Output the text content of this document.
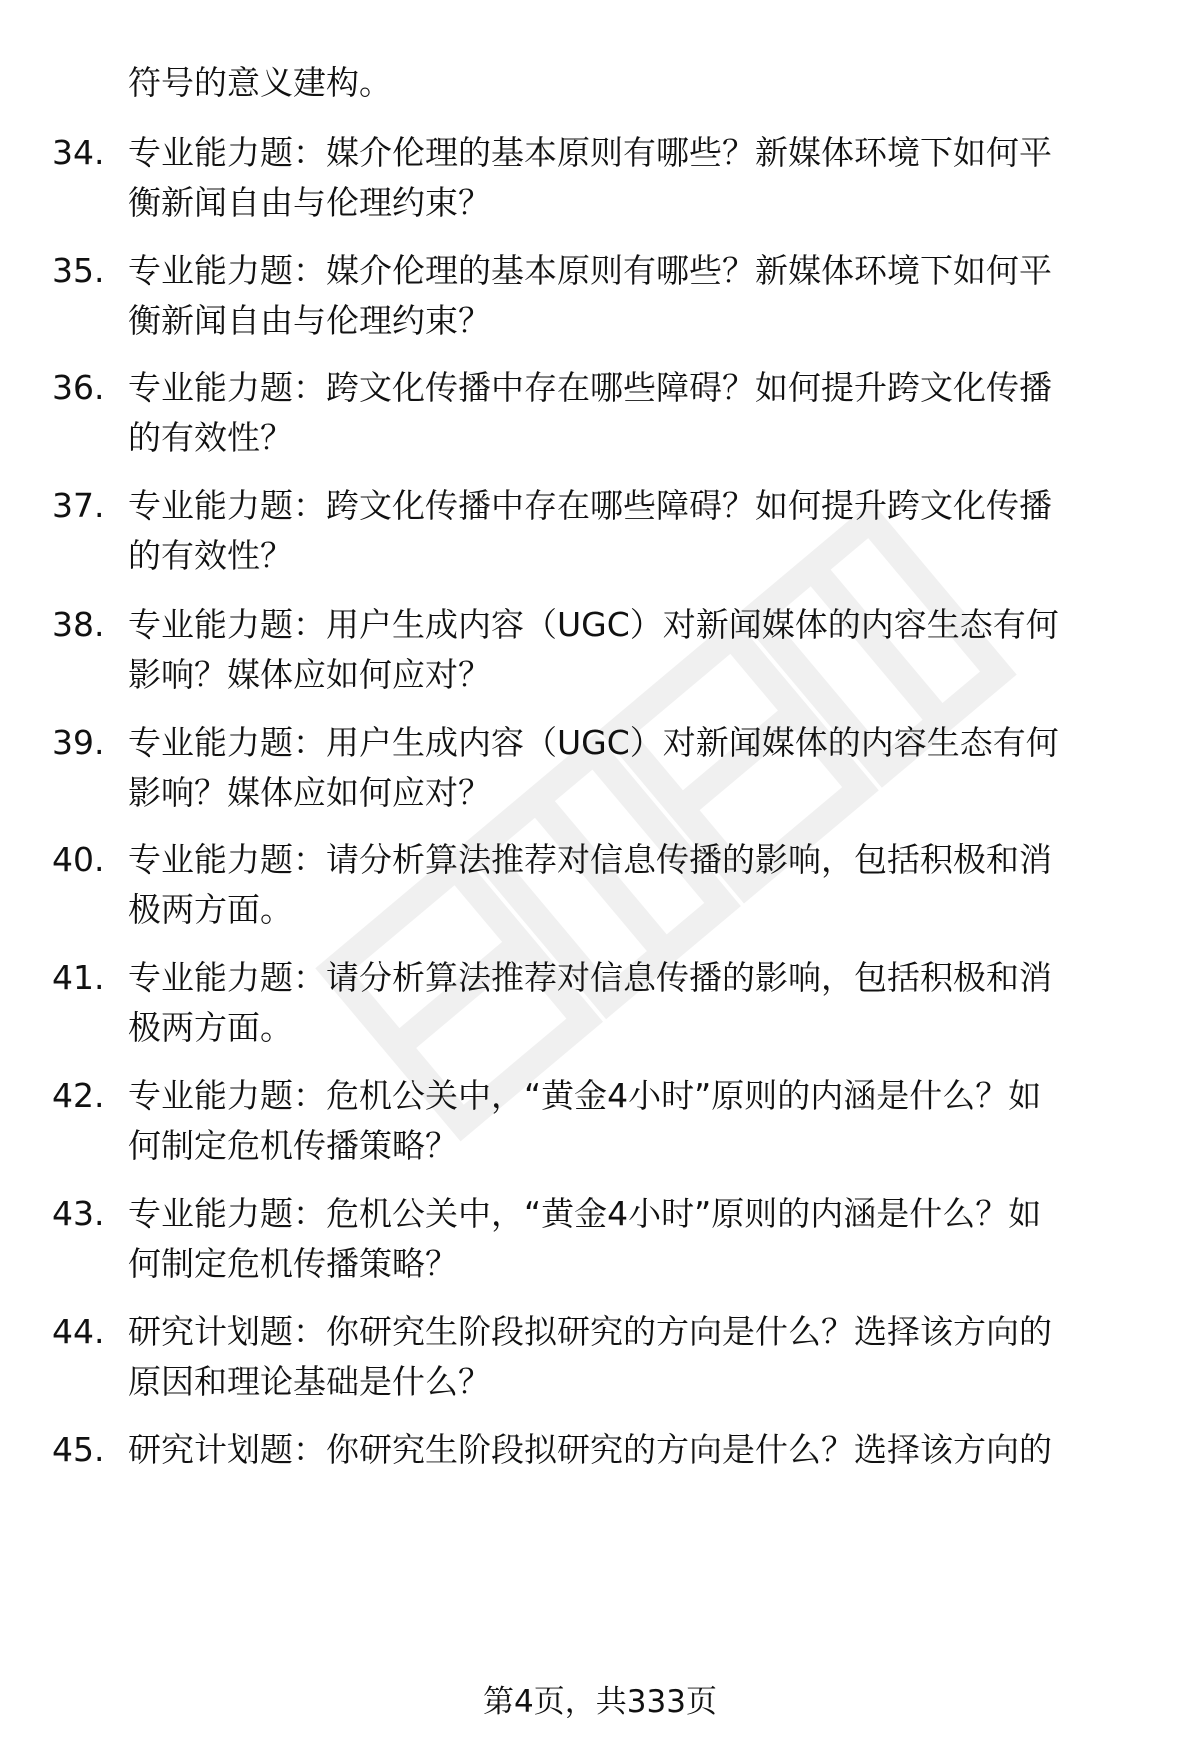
符号的意义建构。
34. 专业能力题：媒介伦理的基本原则有哪些？新媒体环境下如何平
衡新闻自由与伦理约束？
35. 专业能力题：媒介伦理的基本原则有哪些？新媒体环境下如何平
衡新闻自由与伦理约束？
36. 专业能力题：跨文化传播中存在哪些障碍？如何提升跨文化传播
的有效性？
37. 专业能力题：跨文化传播中存在哪些障碍？如何提升跨文化传播
的有效性？
38. 专业能力题：用户生成内容（UGC）对新闻媒体的内容生态有何
影响？媒体应如何应对？
39. 专业能力题：用户生成内容（UGC）对新闻媒体的内容生态有何
影响？媒体应如何应对？
40. 专业能力题：请分析算法推荐对信息传播的影响，包括积极和消
极两方面。
41. 专业能力题：请分析算法推荐对信息传播的影响，包括积极和消
极两方面。
42. 专业能力题：危机公关中，“黄金4小时”原则的内涵是什么？如
何制定危机传播策略？
43. 专业能力题：危机公关中，“黄金4小时”原则的内涵是什么？如
何制定危机传播策略？
44. 研究计划题：你研究生阶段拟研究的方向是什么？选择该方向的
原因和理论基础是什么？
45. 研究计划题：你研究生阶段拟研究的方向是什么？选择该方向的
第4页，共333页
